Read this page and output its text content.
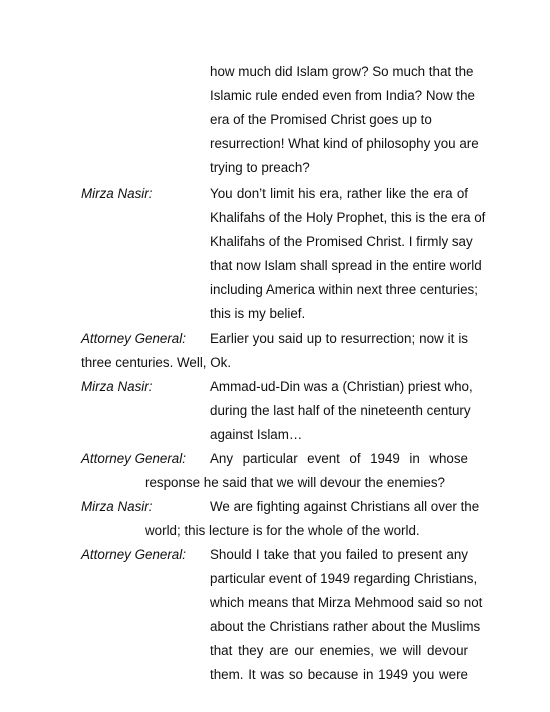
how much did Islam grow? So much that the
Islamic rule ended even from India? Now the
era of the Promised Christ goes up to
resurrection! What kind of philosophy you are
trying to preach?
Mirza Nasir:	You don’t limit his era, rather like the era of
Khalifahs of the Holy Prophet, this is the era of
Khalifahs of the Promised Christ. I firmly say
that now Islam shall spread in the entire world
including America within next three centuries;
this is my belief.
Attorney General: Earlier you said up to resurrection; now it is
three centuries. Well, Ok.
Mirza Nasir:	Ammad-ud-Din was a (Christian) priest who,
during the last half of the nineteenth century
against Islam…
Attorney General: Any particular event of 1949 in whose
response he said that we will devour the enemies?
Mirza Nasir:	We are fighting against Christians all over the
world; this lecture is for the whole of the world.
Attorney General: Should I take that you failed to present any
particular event of 1949 regarding Christians,
which means that Mirza Mehmood said so not
about the Christians rather about the Muslims
that they are our enemies, we will devour
them. It was so because in 1949 you were
